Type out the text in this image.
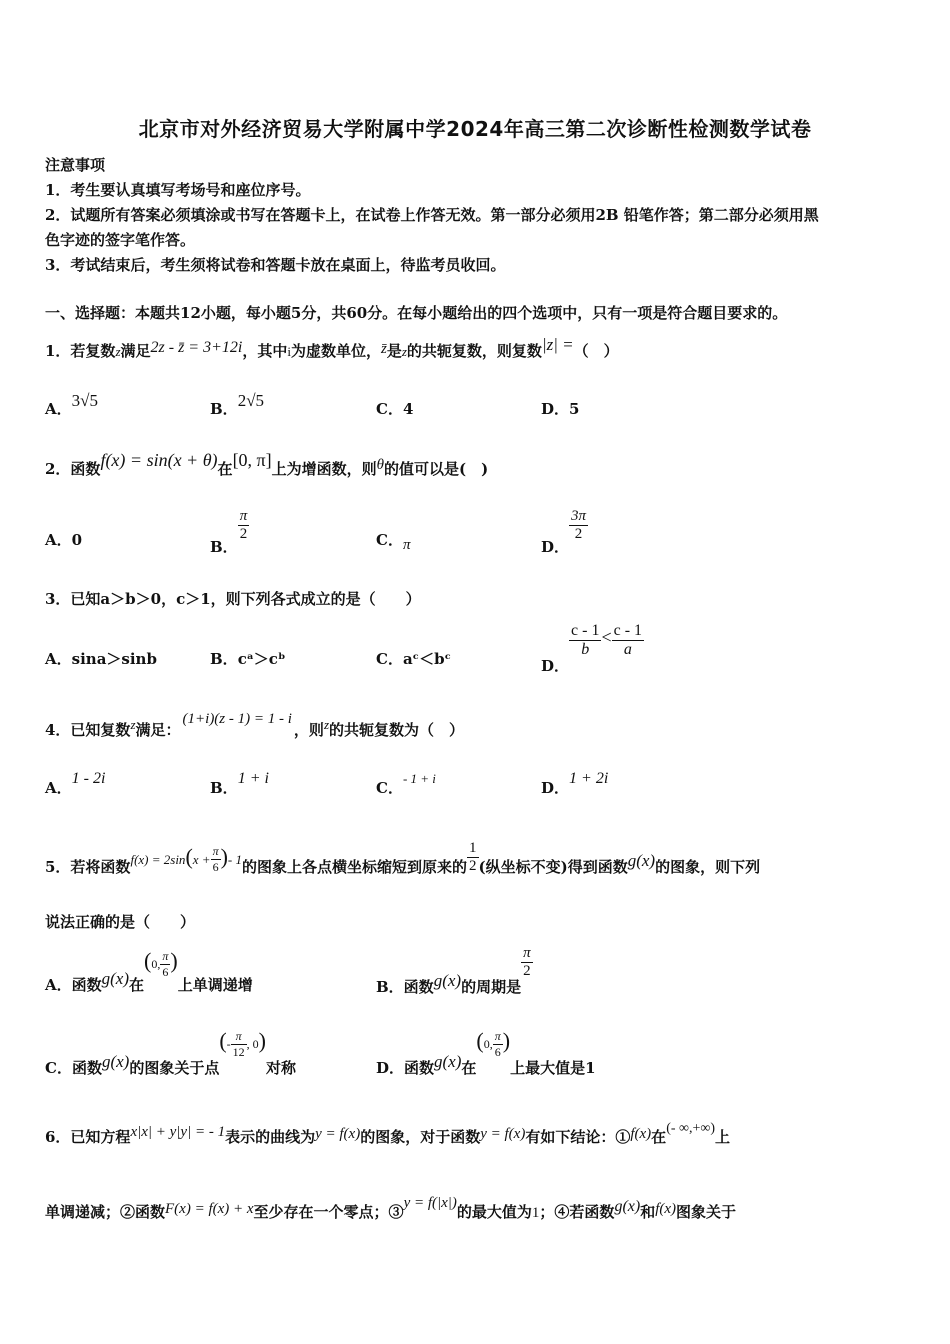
北京市对外经济贸易大学附属中学2024年高三第二次诊断性检测数学试卷
注意事项
1．考生要认真填写考场号和座位序号。
2．试题所有答案必须填涂或书写在答题卡上，在试卷上作答无效。第一部分必须用2B 铅笔作答；第二部分必须用黑
色字迹的签字笔作答。
3．考试结束后，考生须将试卷和答题卡放在桌面上，待监考员收回。
一、选择题：本题共12小题，每小题5分，共60分。在每小题给出的四个选项中，只有一项是符合题目要求的。
1．若复数z满足2z - z̄ = 3+12i，其中i为虚数单位，z̄是z的共轭复数，则复数|z| =（　）
A．3√5	B．2√5	C．4	D．5
2．函数f(x) = sin(x + θ)在[0, π]上为增函数，则θ的值可以是(　)
A．0	B．
$\frac{\pi}{2}$	C．π	D．
$\frac{3\pi}{2}$
3．已知a＞b＞0，c＞1，则下列各式成立的是（　　）
A．sina＞sinb	B．cᵃ＞cᵇ	C．aᶜ＜bᶜ	D．
$\frac{c - 1}{b} < \frac{c - 1}{a}$
4．已知复数z满足：(1+i)(z - 1) = 1 - i，则z的共轭复数为（　）
A．1 - 2i
B．1 + i
C．- 1 + i
D．1 + 2i
5．若将函数$f(x) = 2\sin(x + \frac{\pi}{6}$ )- 1的图象上各点横坐标缩短到原来的 $\frac{1}{2}$ (纵坐标不变)得到函数g(x)的图象，则下列
说法正确的是（　　）
A．函数g(x)在(0, $\frac{\pi}{6}$ )上单调递增	B．函数g(x)的周期是
$\frac{\pi}{2}$
C．函数g(x)的图象关于点(- $\frac{\pi}{12}$ , 0)对称	D．函数g(x)在(0, $\frac{\pi}{6}$ )上最大值是1
6．已知方程x|x| + y|y| = - 1表示的曲线为y = f(x)的图象，对于函数y = f(x)有如下结论：①f(x)在(- ∞,+∞)上
单调递减；②函数F(x) = f(x) + x至少存在一个零点；③y = f(|x|)的最大值为1；④若函数g(x)和f(x)图象关于
